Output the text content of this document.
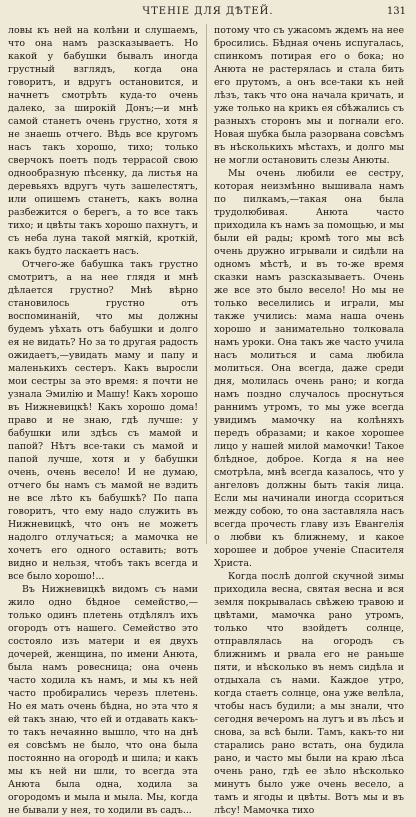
ЧТЕНІЕ ДЛЯ ДѢТЕЙ.	131

ловы къ ней на колѣни и слушаемъ, что она намъ разсказываетъ. Но какой у бабушки бывалъ иногда грустный взглядъ, когда она говоритъ, и вдругъ остановится, и начнетъ смотрѣть куда-то очень далеко, за широкій Донъ;—и мнѣ самой станетъ очень грустно, хотя я не знаешь отчего. Вѣдь все кругомъ насъ такъ хорошо, тихо; только сверчокъ поетъ подъ террасой свою однообразную пѣсенку, да листья на деревьяхъ вдругъ чуть зашелестятъ, или опишемъ станетъ, какъ волна разбежится о берегъ, а то все такъ тихо; и цвѣты такъ хорошо пахнутъ, и съ неба луна такой мягкій, кроткій, какъ будто ласкаетъ насъ.

Отчего-же бабушка такъ грустно смотритъ, а на нее глядя и мнѣ дѣлается грустно? Мнѣ вѣрно становилось грустно отъ воспоминаній, что мы должны будемъ уѣхать отъ бабушки и долго ея не видать? Но за то другая радость ожидаетъ,—увидать маму и папу и маленькихъ сестеръ. Какъ выросли мои сестры за это время: я почти не узнала Эмилію и Машу! Какъ хорошо въ Нижневицкѣ! Какъ хорошо дома! право и не знаю, гдѣ лучше: у бабушки или здѣсь съ мамой и папой? Нѣтъ все-таки съ мамой и папой лучше, хотя и у бабушки очень, очень весело! И не думаю, отчего бы намъ съ мамой не вздить не все лѣто къ бабушкѣ? По папа говоритъ, что ему надо служить въ Нижневицкѣ, что онъ не можетъ надолго отлучаться; а мамочка не хочетъ его одного оставить; вотъ видно и нельзя, чтобъ такъ всегда и все было хорошо!...

Въ Нижневицкѣ видомъ съ нами жило одно бѣдное семейство,—только одинъ плетень отдѣлялъ ихъ огородъ отъ нашего. Семейство это состояло изъ матери и ея двухъ дочерей, женщина, по имени Анюта, была намъ ровесница; она очень часто ходила къ намъ, и мы къ ней часто пробирались черезъ плетень. Но ея мать очень бѣдна, но эта что я ей такъ знаю, что ей и отдавать какъ-то такъ нечаянно вышло, что на днѣ ея совсѣмъ не было, что она была постоянно на огородѣ и шила; и какъ мы къ ней ни шли, то всегда эта Анюта была одна, ходила за огородомъ и мыла и мыла. Мы, когда не бывали у нея, то ходили въ садъ...

потому что съ ужасомъ ждемъ на нее бросились. Бѣдная очень испугалась, спинкомъ потирая его о бока; но Анюта не растерялась и стала бить его прутомъ, а онъ все-таки къ ней лѣзъ, такъ что она начала кричать, и уже только на крикъ ея сбѣжались съ разныхъ сторонъ мы и погнали его. Новая шубка была разорвана совсѣмъ въ нѣсколькихъ мѣстахъ, и долго мы не могли остановить слезы Анюты.

Мы очень любили ее сестру, которая неизмѣнно вышивала намъ по пилкамъ,—такая она была трудолюбивая. Анюта часто приходила къ намъ за помощью, и мы были ей рады; кромѣ того мы всѣ очень дружно игрывали и сидѣли на одномъ мѣстѣ, и въ то-же время сказки намъ разсказываетъ. Очень же все это было весело! Но мы не только веселились и играли, мы также учились: мама наша очень хорошо и занимательно толковала намъ уроки. Она такъ же часто учила насъ молиться и сама любила молиться. Она всегда, даже среди дня, молилась очень рано; и когда намъ поздно случалось проснуться раннимъ утромъ, то мы уже всегда увидимъ мамочку на колѣняхъ передъ образами; и какое хорошее лицо у нашей милой мамочки! Такое блѣдное, доброе. Когда я на нее смотрѣла, мнѣ всегда казалось, что у ангеловъ должны быть такія лица. Если мы начинали иногда ссориться между собою, то она заставляла насъ всегда прочесть главу изъ Евангелія о любви къ ближнему, и какое хорошее и доброе ученіе Спасителя Христа.

Когда послѣ долгой скучной зимы приходила весна, святая весна и вся земля покрывалась свѣжею травою и цвѣтами, мамочка рано утромъ, только что взойдетъ солнце, отправлялась на огородъ съ ближнимъ и рвала его не раньше пяти, и нѣсколько въ немъ сидѣла и отдыхала съ нами. Каждое утро, когда стаетъ солнце, она уже велѣла, чтобы насъ будили; а мы знали, что сегодня вечеромъ на лугъ и въ лѣсъ и снова, за всѣ были. Тамъ, какъ-то ни старались рано встать, она будила рано, и часто мы были на краю лѣса очень рано, гдѣ ее зѣло нѣсколько минутъ было уже очень весело, а тамъ и ягоды и цвѣты. Вотъ мы и въ лѣсу! Мамочка тихо
